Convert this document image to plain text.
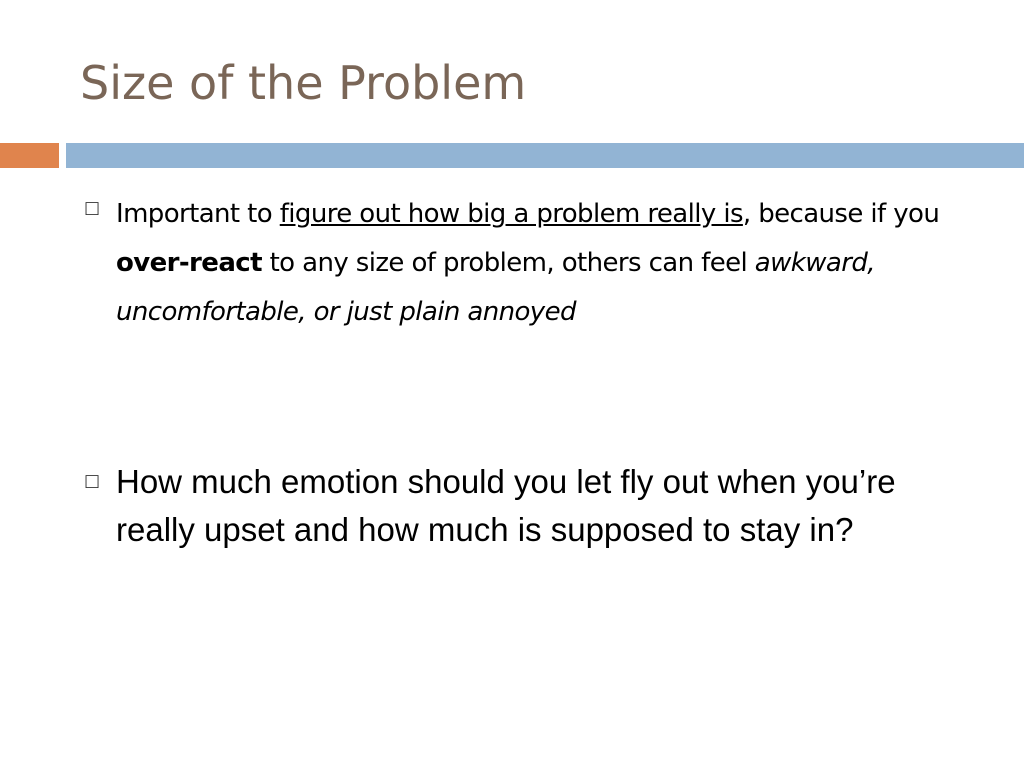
Size of the Problem
□ Important to figure out how big a problem really is, because if you over-react to any size of problem, others can feel awkward, uncomfortable, or just plain annoyed
□ How much emotion should you let fly out when you’re really upset and how much is supposed to stay in?
